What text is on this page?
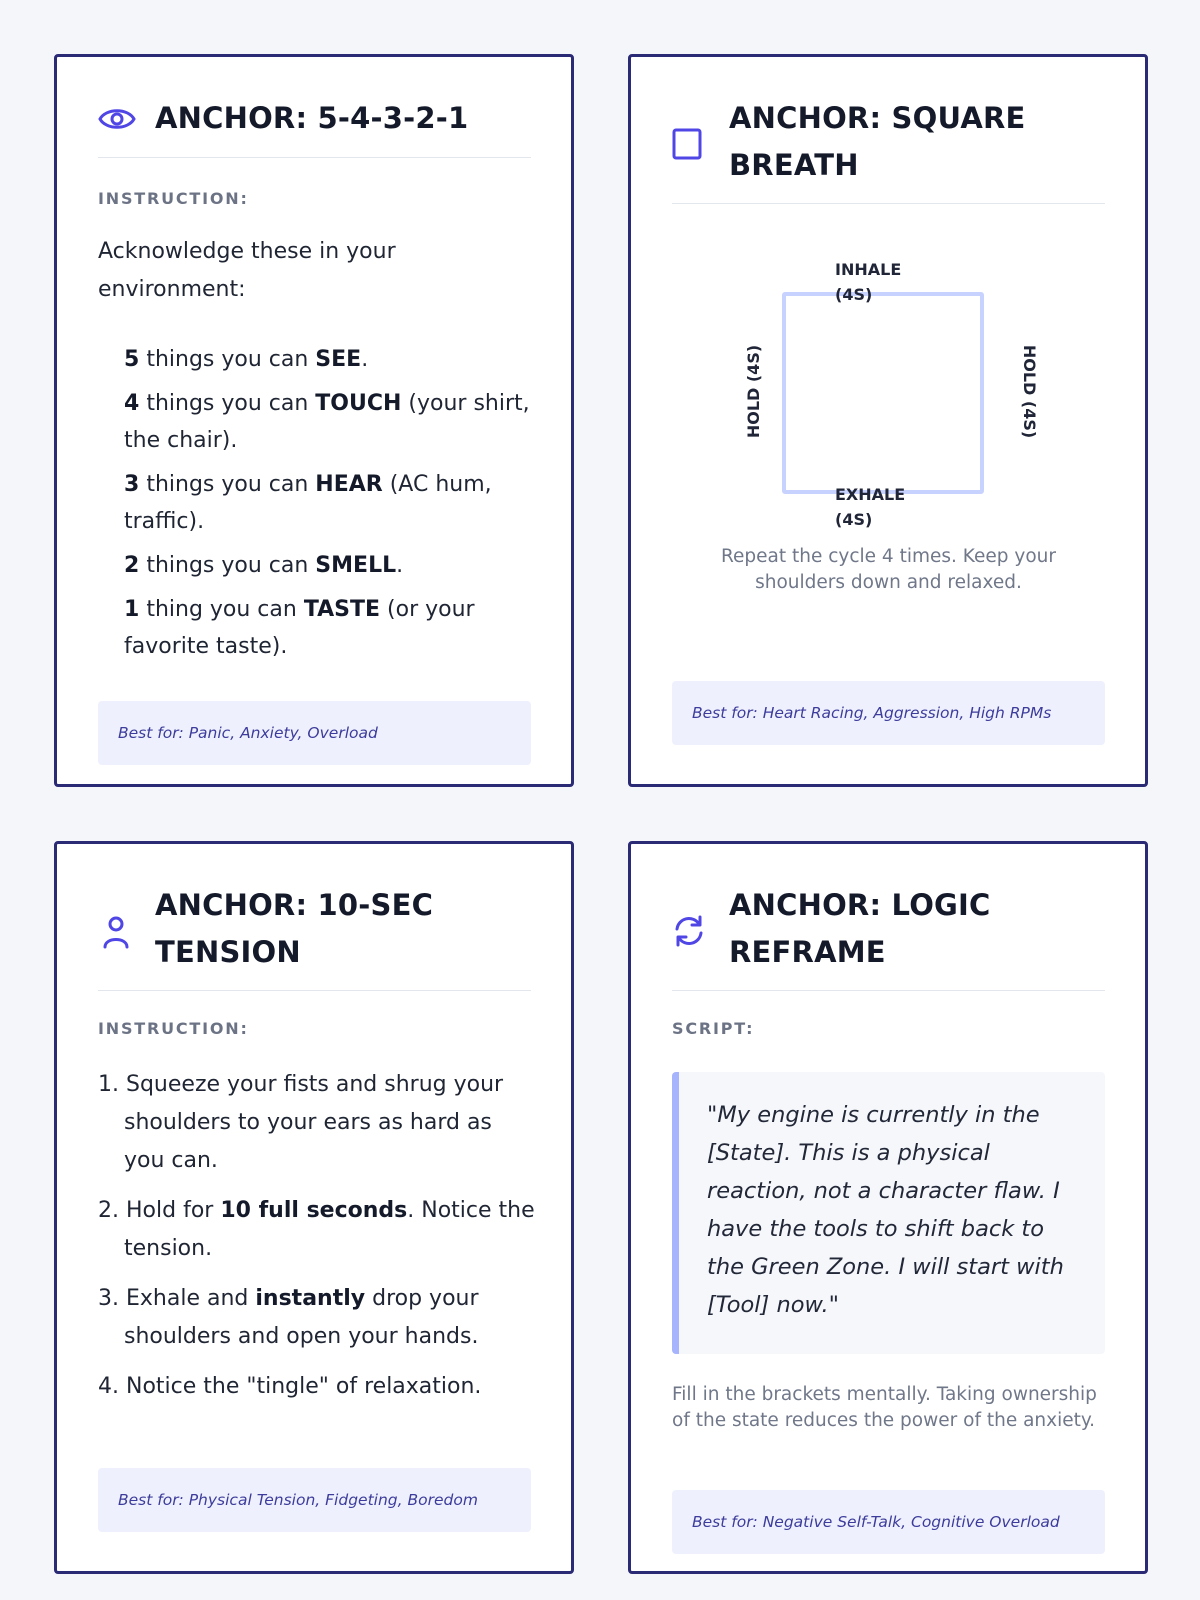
ANCHOR: 5-4-3-2-1
INSTRUCTION:
Acknowledge these in your environment:
5 things you can SEE.
4 things you can TOUCH (your shirt, the chair).
3 things you can HEAR (AC hum, traffic).
2 things you can SMELL.
1 thing you can TASTE (or your favorite taste).
Best for: Panic, Anxiety, Overload
ANCHOR: SQUARE
BREATH
INHALE
(4S)
EXHALE
(4S)
HOLD (4S)	HOLD (4S)
Repeat the cycle 4 times. Keep your
shoulders down and relaxed.
Best for: Heart Racing, Aggression, High RPMs
ANCHOR: 10-SEC
TENSION
INSTRUCTION:
1. Squeeze your fists and shrug your shoulders to your ears as hard as you can.
2. Hold for 10 full seconds. Notice the tension.
3. Exhale and instantly drop your shoulders and open your hands.
4. Notice the "tingle" of relaxation.
Best for: Physical Tension, Fidgeting, Boredom
ANCHOR: LOGIC
REFRAME
SCRIPT:
"My engine is currently in the [State]. This is a physical reaction, not a character flaw. I have the tools to shift back to the Green Zone. I will start with [Tool] now."
Fill in the brackets mentally. Taking ownership of the state reduces the power of the anxiety.
Best for: Negative Self-Talk, Cognitive Overload
